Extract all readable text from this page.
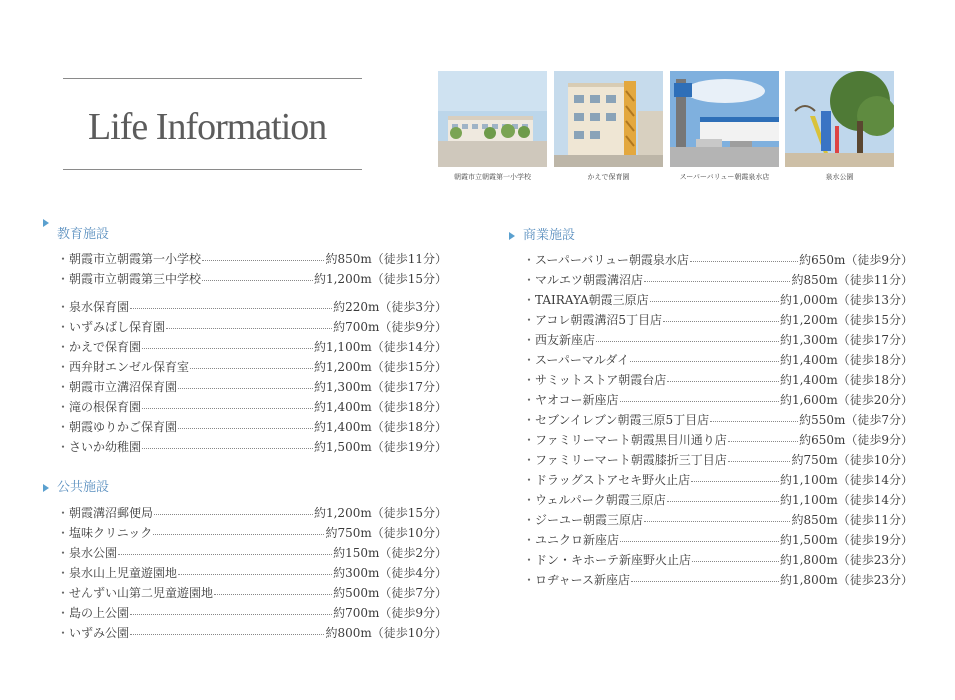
Life Information
朝霞市立朝霞第一小学校	かえで保育園	スーパーバリュー朝霞泉水店	泉水公園
教育施設
・ 朝霞市立朝霞第一小学校	約850m（徒歩11分）
・ 朝霞市立朝霞第三中学校	約1,200m（徒歩15分）
・ 泉水保育園	約220m（徒歩3分）
・ いずみばし保育園	約700m（徒歩9分）
・ かえで保育園	約1,100m（徒歩14分）
・ 西弁財エンゼル保育室	約1,200m（徒歩15分）
・ 朝霞市立溝沼保育園	約1,300m（徒歩17分）
・ 滝の根保育園	約1,400m（徒歩18分）
・ 朝霞ゆりかご保育園	約1,400m（徒歩18分）
・ さいか幼稚園	約1,500m（徒歩19分）
公共施設
・ 朝霞溝沼郵便局	約1,200m（徒歩15分）
・ 塩味クリニック	約750m（徒歩10分）
・ 泉水公園	約150m（徒歩2分）
・ 泉水山上児童遊園地	約300m（徒歩4分）
・ せんずい山第二児童遊園地	約500m（徒歩7分）
・ 島の上公園	約700m（徒歩9分）
・ いずみ公園	約800m（徒歩10分）
商業施設
・ スーパーバリュー朝霞泉水店	約650m（徒歩9分）
・ マルエツ朝霞溝沼店	約850m（徒歩11分）
・ TAIRAYA朝霞三原店	約1,000m（徒歩13分）
・ アコレ朝霞溝沼5丁目店	約1,200m（徒歩15分）
・ 西友新座店	約1,300m（徒歩17分）
・ スーパーマルダイ	約1,400m（徒歩18分）
・ サミットストア朝霞台店	約1,400m（徒歩18分）
・ ヤオコー新座店	約1,600m（徒歩20分）
・ セブンイレブン朝霞三原5丁目店	約550m（徒歩7分）
・ ファミリーマート朝霞黒目川通り店	約650m（徒歩9分）
・ ファミリーマート朝霞膝折三丁目店	約750m（徒歩10分）
・ ドラッグストアセキ野火止店	約1,100m（徒歩14分）
・ ウェルパーク朝霞三原店	約1,100m（徒歩14分）
・ ジーユー朝霞三原店	約850m（徒歩11分）
・ ユニクロ新座店	約1,500m（徒歩19分）
・ ドン・キホーテ新座野火止店	約1,800m（徒歩23分）
・ ロヂャース新座店	約1,800m（徒歩23分）
